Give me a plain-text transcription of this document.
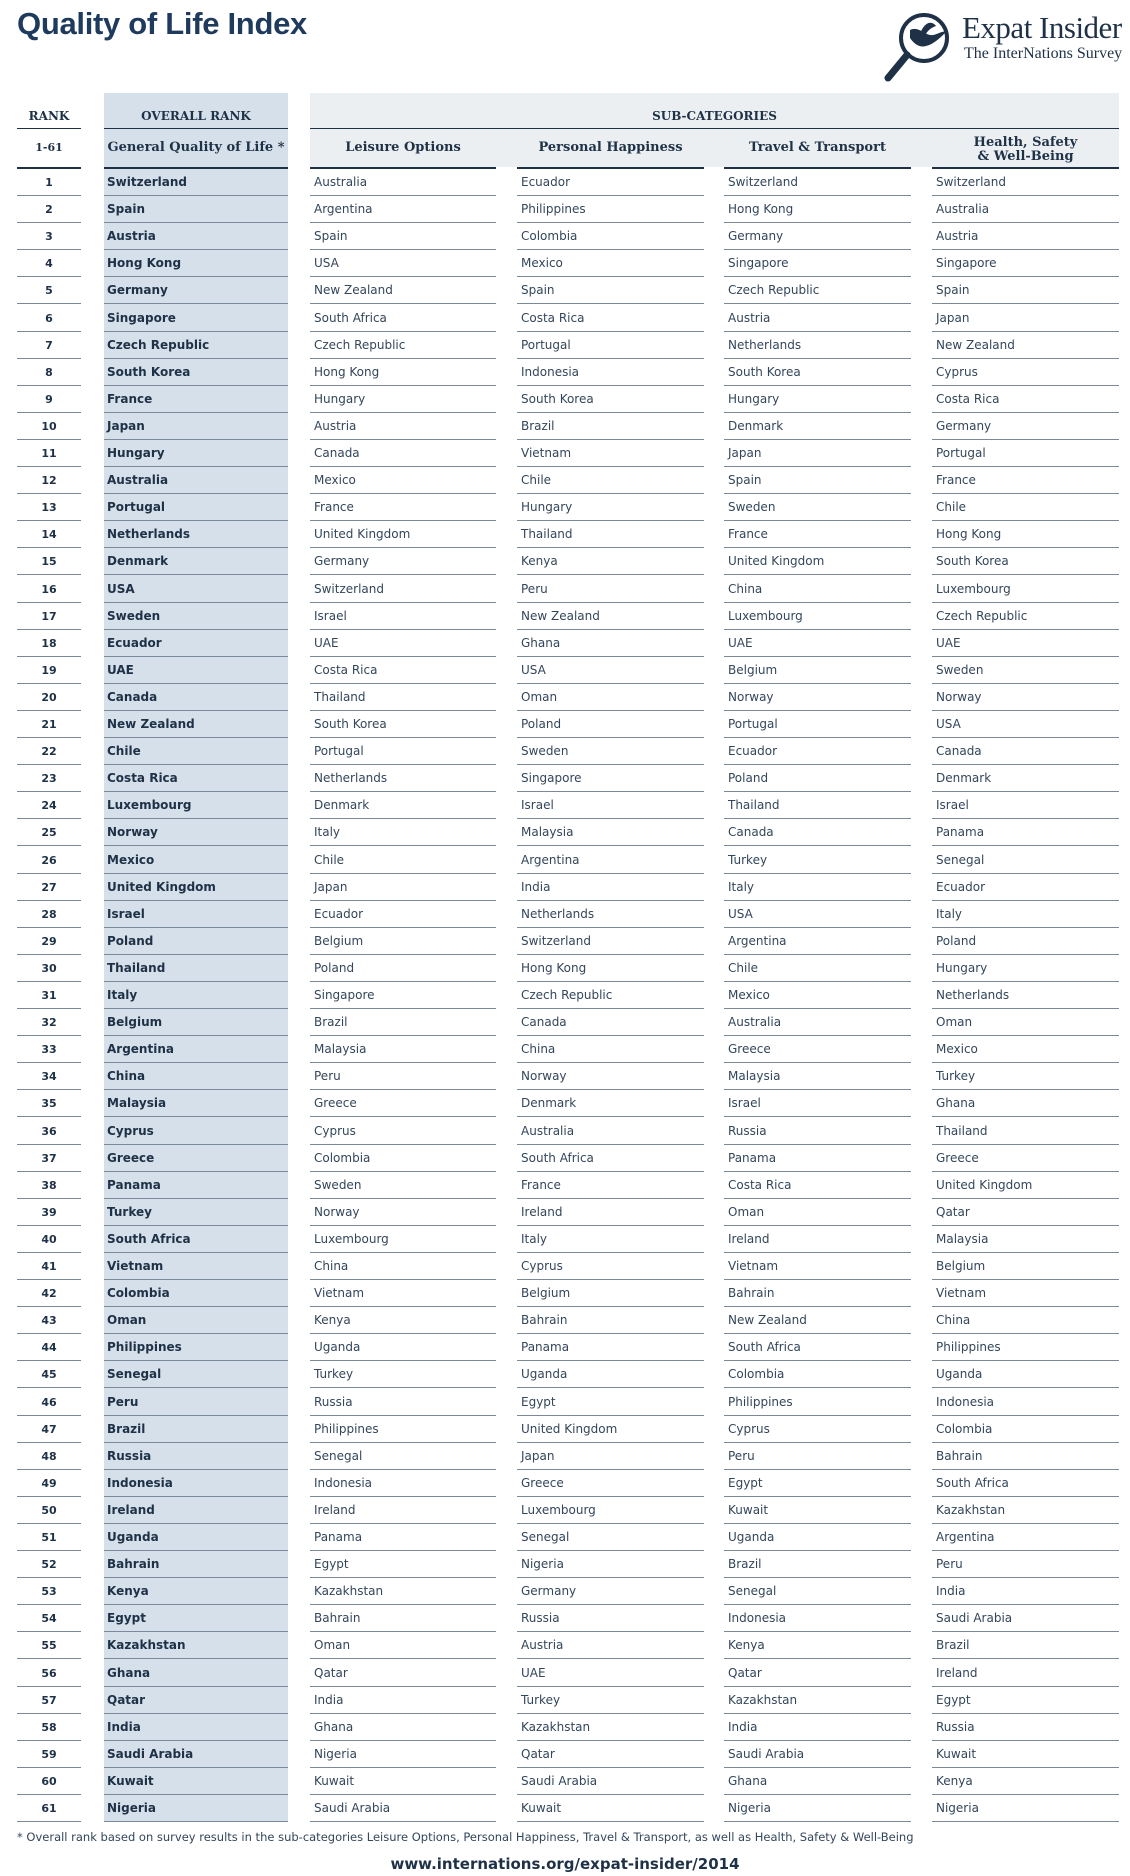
Quality of Life Index	Expat Insider
The InterNations Survey
RANK
1-61
OVERALL RANK
General Quality of Life *
SUB-CATEGORIES
Leisure Options	Personal Happiness	Travel & Transport	Health, Safety
& Well-Being
1	Switzerland	Australia	Ecuador	Switzerland	Switzerland
2	Spain	Argentina	Philippines	Hong Kong	Australia
3	Austria	Spain	Colombia	Germany	Austria
4	Hong Kong	USA	Mexico	Singapore	Singapore
5	Germany	New Zealand	Spain	Czech Republic	Spain
6	Singapore	South Africa	Costa Rica	Austria	Japan
7	Czech Republic	Czech Republic	Portugal	Netherlands	New Zealand
8	South Korea	Hong Kong	Indonesia	South Korea	Cyprus
9	France	Hungary	South Korea	Hungary	Costa Rica
10	Japan	Austria	Brazil	Denmark	Germany
11	Hungary	Canada	Vietnam	Japan	Portugal
12	Australia	Mexico	Chile	Spain	France
13	Portugal	France	Hungary	Sweden	Chile
14	Netherlands	United Kingdom	Thailand	France	Hong Kong
15	Denmark	Germany	Kenya	United Kingdom	South Korea
16	USA	Switzerland	Peru	China	Luxembourg
17	Sweden	Israel	New Zealand	Luxembourg	Czech Republic
18	Ecuador	UAE	Ghana	UAE	UAE
19	UAE	Costa Rica	USA	Belgium	Sweden
20	Canada	Thailand	Oman	Norway	Norway
21	New Zealand	South Korea	Poland	Portugal	USA
22	Chile	Portugal	Sweden	Ecuador	Canada
23	Costa Rica	Netherlands	Singapore	Poland	Denmark
24	Luxembourg	Denmark	Israel	Thailand	Israel
25	Norway	Italy	Malaysia	Canada	Panama
26	Mexico	Chile	Argentina	Turkey	Senegal
27	United Kingdom	Japan	India	Italy	Ecuador
28	Israel	Ecuador	Netherlands	USA	Italy
29	Poland	Belgium	Switzerland	Argentina	Poland
30	Thailand	Poland	Hong Kong	Chile	Hungary
31	Italy	Singapore	Czech Republic	Mexico	Netherlands
32	Belgium	Brazil	Canada	Australia	Oman
33	Argentina	Malaysia	China	Greece	Mexico
34	China	Peru	Norway	Malaysia	Turkey
35	Malaysia	Greece	Denmark	Israel	Ghana
36	Cyprus	Cyprus	Australia	Russia	Thailand
37	Greece	Colombia	South Africa	Panama	Greece
38	Panama	Sweden	France	Costa Rica	United Kingdom
39	Turkey	Norway	Ireland	Oman	Qatar
40	South Africa	Luxembourg	Italy	Ireland	Malaysia
41	Vietnam	China	Cyprus	Vietnam	Belgium
42	Colombia	Vietnam	Belgium	Bahrain	Vietnam
43	Oman	Kenya	Bahrain	New Zealand	China
44	Philippines	Uganda	Panama	South Africa	Philippines
45	Senegal	Turkey	Uganda	Colombia	Uganda
46	Peru	Russia	Egypt	Philippines	Indonesia
47	Brazil	Philippines	United Kingdom	Cyprus	Colombia
48	Russia	Senegal	Japan	Peru	Bahrain
49	Indonesia	Indonesia	Greece	Egypt	South Africa
50	Ireland	Ireland	Luxembourg	Kuwait	Kazakhstan
51	Uganda	Panama	Senegal	Uganda	Argentina
52	Bahrain	Egypt	Nigeria	Brazil	Peru
53	Kenya	Kazakhstan	Germany	Senegal	India
54	Egypt	Bahrain	Russia	Indonesia	Saudi Arabia
55	Kazakhstan	Oman	Austria	Kenya	Brazil
56	Ghana	Qatar	UAE	Qatar	Ireland
57	Qatar	India	Turkey	Kazakhstan	Egypt
58	India	Ghana	Kazakhstan	India	Russia
59	Saudi Arabia	Nigeria	Qatar	Saudi Arabia	Kuwait
60	Kuwait	Kuwait	Saudi Arabia	Ghana	Kenya
61	Nigeria	Saudi Arabia	Kuwait	Nigeria	Nigeria
* Overall rank based on survey results in the sub-categories Leisure Options, Personal Happiness, Travel & Transport, as well as Health, Safety & Well-Being
www.internations.org/expat-insider/2014
